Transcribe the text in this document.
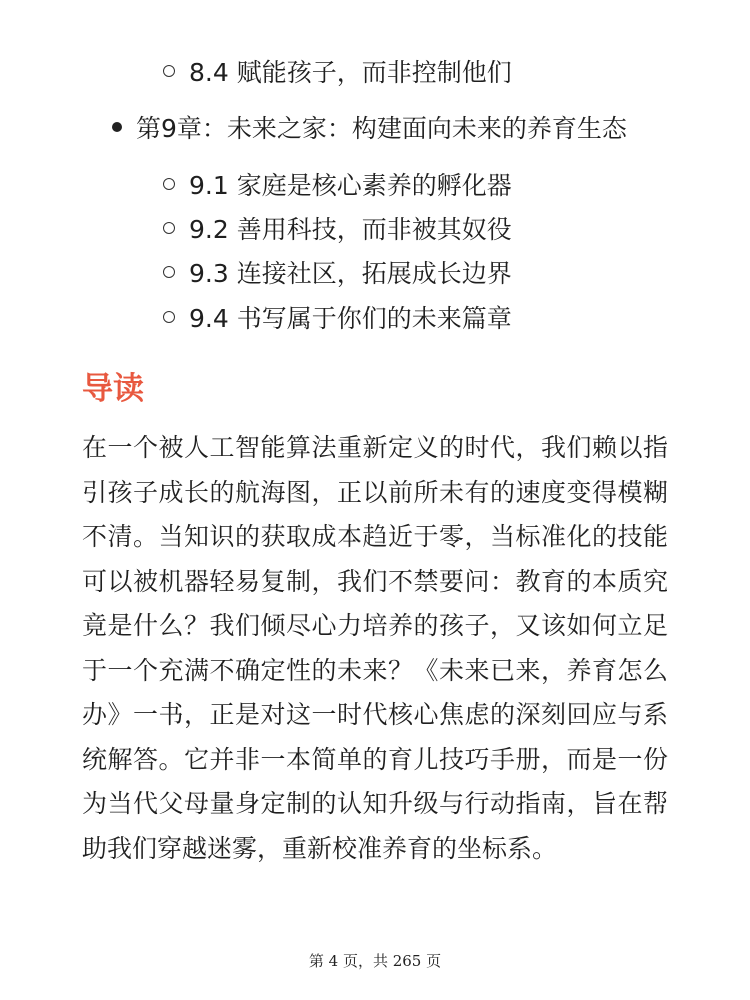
8.4 赋能孩子，而非控制他们
第9章：未来之家：构建面向未来的养育生态
9.1 家庭是核心素养的孵化器
9.2 善用科技，而非被其奴役
9.3 连接社区，拓展成长边界
9.4 书写属于你们的未来篇章
导读

在一个被人工智能算法重新定义的时代，我们赖以指引孩子成长的航海图，正以前所未有的速度变得模糊不清。当知识的获取成本趋近于零，当标准化的技能可以被机器轻易复制，我们不禁要问：教育的本质究竟是什么？我们倾尽心力培养的孩子，又该如何立足于一个充满不确定性的未来？《未来已来，养育怎么办》一书，正是对这一时代核心焦虑的深刻回应与系统解答。它并非一本简单的育儿技巧手册，而是一份为当代父母量身定制的认知升级与行动指南，旨在帮助我们穿越迷雾，重新校准养育的坐标系。

第 4 页，共 265 页
